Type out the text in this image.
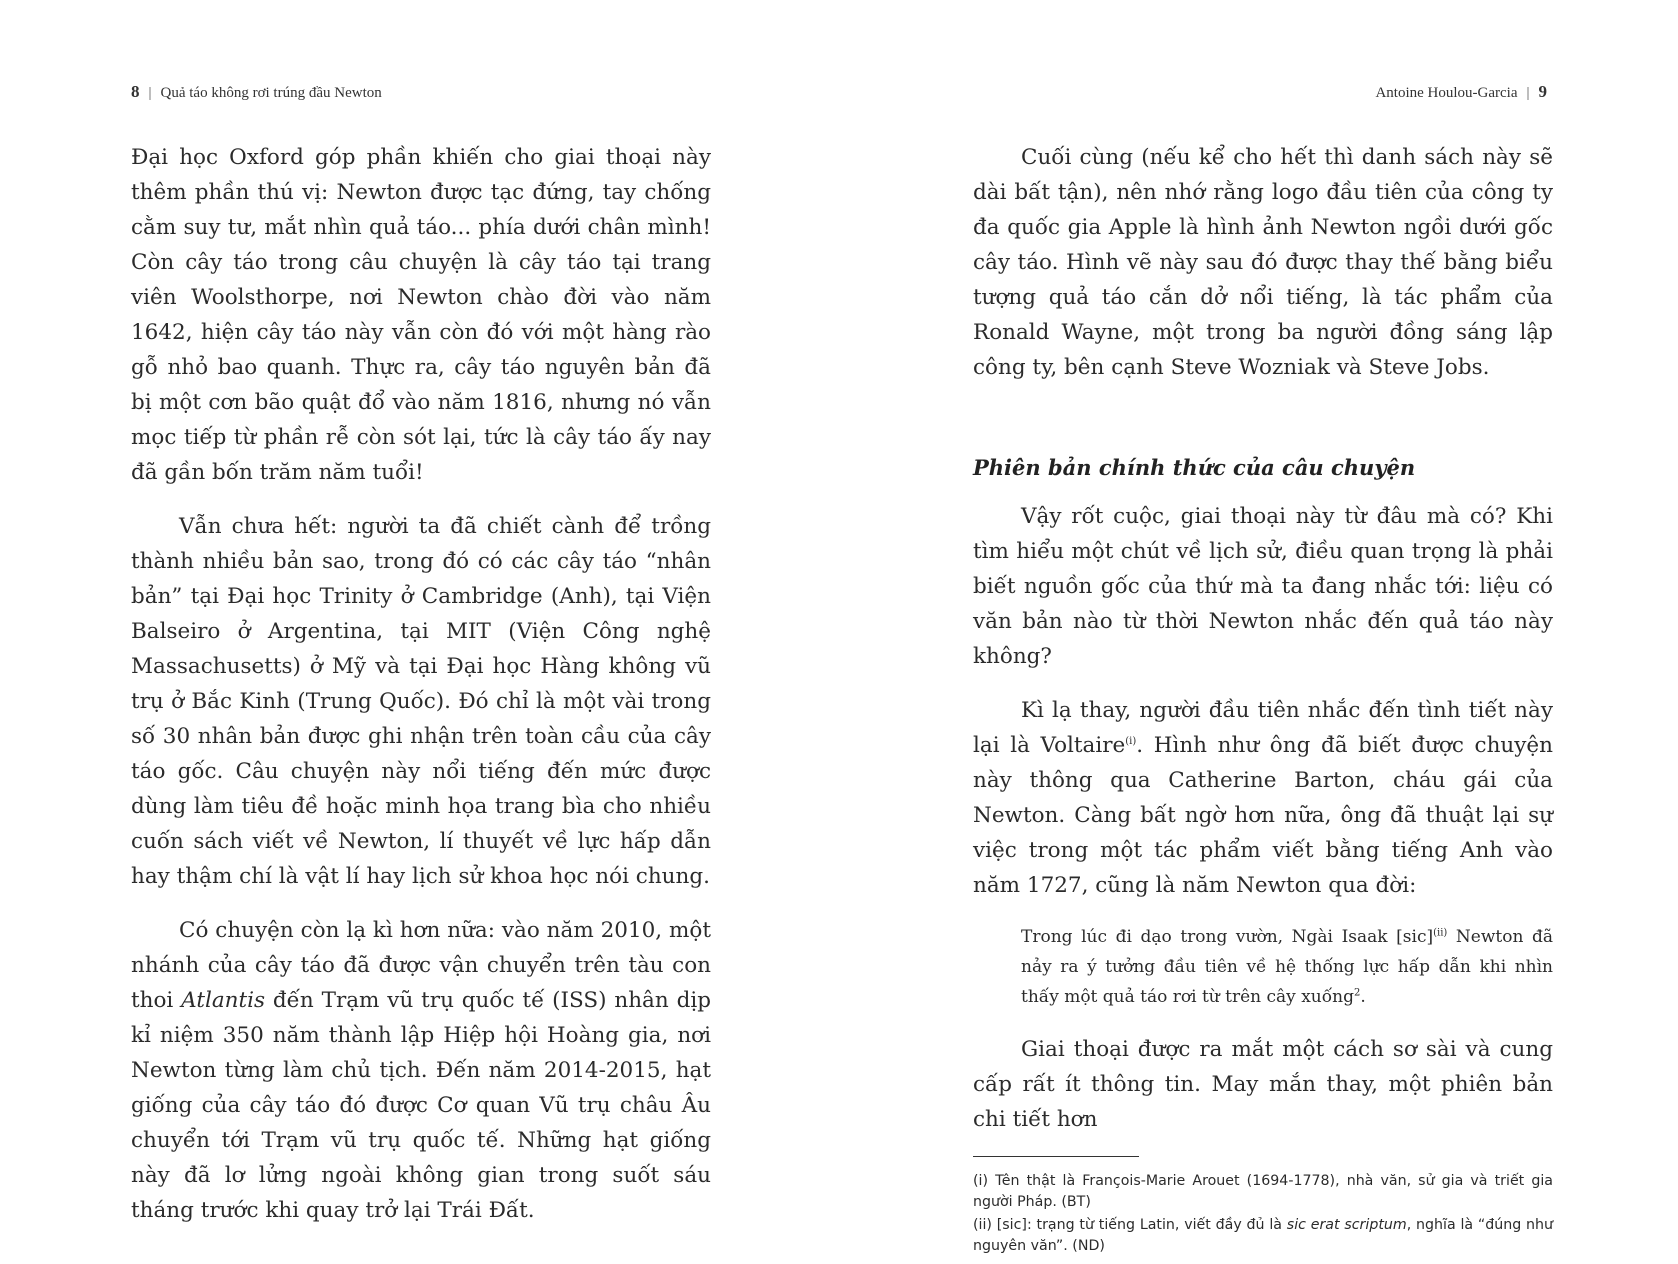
8 | Quả táo không rơi trúng đầu Newton

Đại học Oxford góp phần khiến cho giai thoại này thêm phần thú vị: Newton được tạc đứng, tay chống cằm suy tư, mắt nhìn quả táo... phía dưới chân mình! Còn cây táo trong câu chuyện là cây táo tại trang viên Woolsthorpe, nơi Newton chào đời vào năm 1642, hiện cây táo này vẫn còn đó với một hàng rào gỗ nhỏ bao quanh. Thực ra, cây táo nguyên bản đã bị một cơn bão quật đổ vào năm 1816, nhưng nó vẫn mọc tiếp từ phần rễ còn sót lại, tức là cây táo ấy nay đã gần bốn trăm năm tuổi!

Vẫn chưa hết: người ta đã chiết cành để trồng thành nhiều bản sao, trong đó có các cây táo “nhân bản” tại Đại học Trinity ở Cambridge (Anh), tại Viện Balseiro ở Argentina, tại MIT (Viện Công nghệ Massachusetts) ở Mỹ và tại Đại học Hàng không vũ trụ ở Bắc Kinh (Trung Quốc). Đó chỉ là một vài trong số 30 nhân bản được ghi nhận trên toàn cầu của cây táo gốc. Câu chuyện này nổi tiếng đến mức được dùng làm tiêu đề hoặc minh họa trang bìa cho nhiều cuốn sách viết về Newton, lí thuyết về lực hấp dẫn hay thậm chí là vật lí hay lịch sử khoa học nói chung.

Có chuyện còn lạ kì hơn nữa: vào năm 2010, một nhánh của cây táo đã được vận chuyển trên tàu con thoi Atlantis đến Trạm vũ trụ quốc tế (ISS) nhân dịp kỉ niệm 350 năm thành lập Hiệp hội Hoàng gia, nơi Newton từng làm chủ tịch. Đến năm 2014-2015, hạt giống của cây táo đó được Cơ quan Vũ trụ châu Âu chuyển tới Trạm vũ trụ quốc tế. Những hạt giống này đã lơ lửng ngoài không gian trong suốt sáu tháng trước khi quay trở lại Trái Đất.

Antoine Houlou-Garcia | 9

Cuối cùng (nếu kể cho hết thì danh sách này sẽ dài bất tận), nên nhớ rằng logo đầu tiên của công ty đa quốc gia Apple là hình ảnh Newton ngồi dưới gốc cây táo. Hình vẽ này sau đó được thay thế bằng biểu tượng quả táo cắn dở nổi tiếng, là tác phẩm của Ronald Wayne, một trong ba người đồng sáng lập công ty, bên cạnh Steve Wozniak và Steve Jobs.

Phiên bản chính thức của câu chuyện

Vậy rốt cuộc, giai thoại này từ đâu mà có? Khi tìm hiểu một chút về lịch sử, điều quan trọng là phải biết nguồn gốc của thứ mà ta đang nhắc tới: liệu có văn bản nào từ thời Newton nhắc đến quả táo này không?

Kì lạ thay, người đầu tiên nhắc đến tình tiết này lại là Voltaire$^{(i)}$. Hình như ông đã biết được chuyện này thông qua Catherine Barton, cháu gái của Newton. Càng bất ngờ hơn nữa, ông đã thuật lại sự việc trong một tác phẩm viết bằng tiếng Anh vào năm 1727, cũng là năm Newton qua đời:

Trong lúc đi dạo trong vườn, Ngài Isaak [sic]$^{(ii)}$ Newton đã nảy ra ý tưởng đầu tiên về hệ thống lực hấp dẫn khi nhìn thấy một quả táo rơi từ trên cây xuống$^2$.

Giai thoại được ra mắt một cách sơ sài và cung cấp rất ít thông tin. May mắn thay, một phiên bản chi tiết hơn

(i) Tên thật là François-Marie Arouet (1694-1778), nhà văn, sử gia và triết gia người Pháp. (BT)

(ii) [sic]: trạng từ tiếng Latin, viết đầy đủ là sic erat scriptum, nghĩa là “đúng như nguyên văn”. (ND)
